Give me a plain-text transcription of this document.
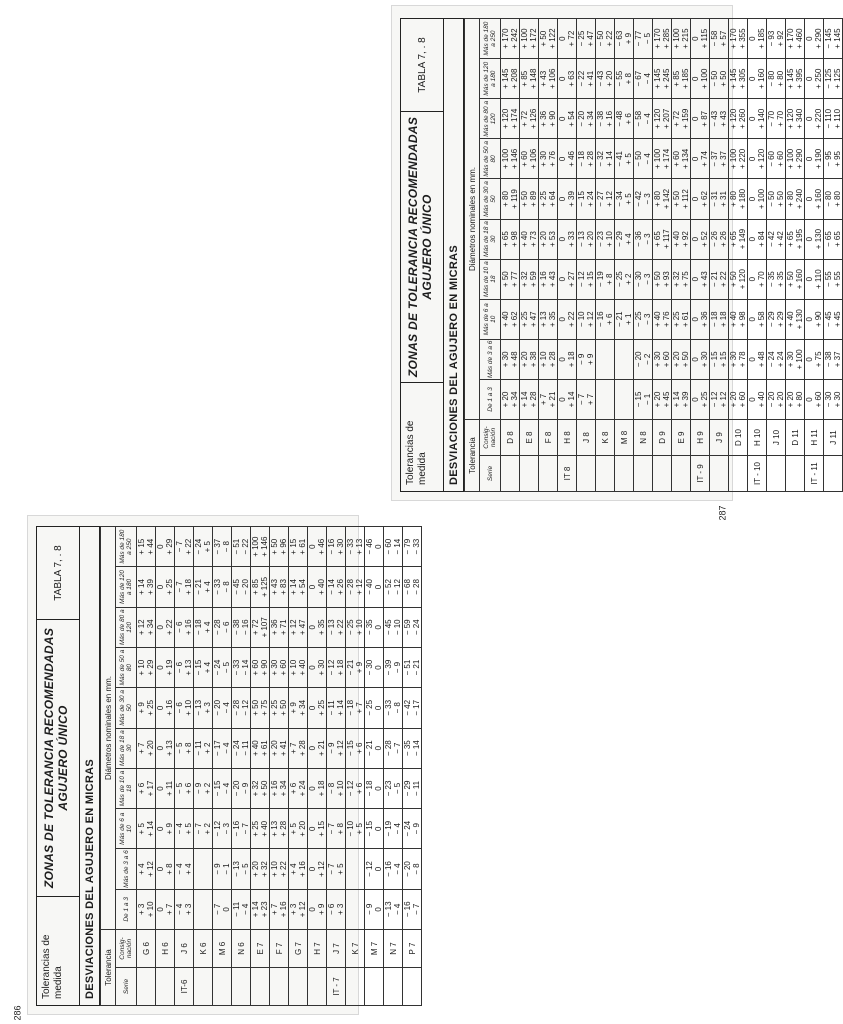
Tolerancias de medida
ZONAS DE TOLERANCIA RECOMENDADAS AGUJERO ÚNICO
TABLA 7, . 8
DESVIACIONES DEL AGUJERO EN MICRAS	Tolerancia		Diámetros nominales en mm.									
Serie	Consig-nación	De 1 a 3	Más de 3 a 6	Más de 6 a 10	Más de 10 a 18	Más de 18 a 30	Más de 30 a 50	Más de 50 a 80	Más de 80 a 120	Más de 120 a 180	Más de 180 a 250
	G 6	+ 3 + 10	+ 4 + 12	+ 5 + 14	+ 6 + 17	+ 7 + 20	+ 9 + 25	+ 10 + 29	+ 12 + 34	+ 14 + 39	+ 15 + 44

	H 6	0 + 7	0 + 8	0 + 9	0 + 11	0 + 13	0 + 16	0 + 19	0 + 22	0 + 25	0 + 29

IT-6	J 6	− 4 + 3	− 4 + 4	− 4 + 5	− 5 + 6	− 5 + 8	− 6 + 10	− 6 + 13	− 6 + 16	− 7 + 18	− 7 + 22

	K 6			− 7 + 2	− 9 + 2	− 11 + 2	− 13 + 3	− 15 + 4	− 18 + 4	− 21 + 4	− 24 + 5

	M 6	− 7 0	− 9 − 1	− 12 − 3	− 15 − 4	− 17 − 4	− 20 − 4	− 24 − 5	− 28 − 6	− 33 − 8	− 37 − 8

	N 6	− 11 − 4	− 13 − 5	− 16 − 7	− 20 − 9	− 24 − 11	− 28 − 12	− 33 − 14	− 38 − 16	− 45 − 20	− 51 − 22

	E 7	+ 14 + 23	+ 20 + 32	+ 25 + 40	+ 32 + 50	+ 40 + 61	+ 50 + 75	+ 60 + 90	+ 72 + 107	+ 85 + 125	+ 100 + 146

	F 7	+ 7 + 16	+ 10 + 22	+ 13 + 28	+ 16 + 34	+ 20 + 41	+ 25 + 50	+ 30 + 60	+ 36 + 71	+ 43 + 83	+ 50 + 96

	G 7	+ 3 + 12	+ 4 + 16	+ 5 + 20	+ 6 + 24	+ 7 + 28	+ 9 + 34	+ 10 + 40	+ 12 + 47	+ 14 + 54	+ 15 + 61

	H 7	0 + 9	0 + 12	0 + 15	0 + 18	0 + 21	0 + 25	0 + 30	0 + 35	0 + 40	0 + 46

IT - 7	J 7	− 6 + 3	− 7 + 5	− 7 + 8	− 8 + 10	− 9 + 12	− 11 + 14	− 12 + 18	− 13 + 22	− 14 + 26	− 16 + 30

	K 7			− 10 + 5	− 12 + 6	− 15 + 6	− 18 + 7	− 21 + 9	− 25 + 10	− 28 + 12	− 33 + 13

	M 7	− 9 0	− 12 0	− 15 0	− 18 0	− 21 0	− 25 0	− 30 0	− 35 0	− 40 0	− 46 0

	N 7	− 13 − 4	− 16 − 4	− 19 − 4	− 23 − 5	− 28 − 7	− 33 − 8	− 39 − 9	− 45 − 10	− 52 − 12	− 60 − 14

	P 7	− 16 − 7	− 20 − 8	− 24 − 9	− 29 − 11	− 35 − 14	− 42 − 17	− 51 − 21	− 59 − 24	− 68 − 28	− 79 − 33
286
Tolerancias de medida
ZONAS DE TOLERANCIA RECOMENDADAS AGUJERO ÚNICO
TABLA 7, . 8
DESVIACIONES DEL AGUJERO EN MICRAS	Tolerancia		Diámetros nominales en mm.									
Serie	Consig-nación	De 1 a 3	Más de 3 a 6	Más de 6 a 10	Más de 10 a 18	Más de 18 a 30	Más de 30 a 50	Más de 50 a 80	Más de 80 a 120	Más de 120 a 180	Más de 180 a 250
	D 8	+ 20 + 34	+ 30 + 48	+ 40 + 62	+ 50 + 77	+ 65 + 98	+ 80 + 119	+ 100 + 146	+ 120 + 174	+ 145 + 208	+ 170 + 242

	E 8	+ 14 + 28	+ 20 + 38	+ 25 + 47	+ 32 + 59	+ 40 + 73	+ 50 + 89	+ 60 + 106	+ 72 + 126	+ 85 + 148	+ 100 + 172

	F 8	+ 7 + 21	+ 10 + 28	+ 13 + 35	+ 16 + 43	+ 20 + 53	+ 25 + 64	+ 30 + 76	+ 36 + 90	+ 43 + 106	+ 50 + 122

IT 8	H 8	0 + 14	0 + 18	0 + 22	0 + 27	0 + 33	0 + 39	0 + 46	0 + 54	0 + 63	0 + 72

	J 8	− 7 + 7	− 9 + 9	− 10 + 12	− 12 + 15	− 13 + 20	− 15 + 24	− 18 + 28	− 20 + 34	− 22 + 41	− 25 + 47

	K 8			− 16 + 6	− 19 + 8	− 23 + 10	− 27 + 12	− 32 + 14	− 38 + 16	− 43 + 20	− 50 + 22

	M 8			− 21 + 1	− 25 + 2	− 29 + 4	− 34 + 5	− 41 + 5	− 48 + 6	− 55 + 8	− 63 + 9

	N 8	− 15 − 1	− 20 − 2	− 25 − 3	− 30 − 3	− 36 − 3	− 42 − 3	− 50 − 4	− 58 − 4	− 67 − 4	− 77 − 5

	D 9	+ 20 + 45	+ 30 + 60	+ 40 + 76	+ 50 + 93	+ 65 + 117	+ 80 + 142	+ 100 + 174	+ 120 + 207	+ 145 + 245	+ 170 + 285

	E 9	+ 14 + 39	+ 20 + 50	+ 25 + 61	+ 32 + 75	+ 40 + 92	+ 50 + 112	+ 60 + 134	+ 72 + 159	+ 85 + 185	+ 100 + 215

IT - 9	H 9	0 + 25	0 + 30	0 + 36	0 + 43	0 + 52	0 + 62	0 + 74	0 + 87	0 + 100	0 + 115

	J 9	− 12 + 12	− 15 + 15	− 18 + 18	− 21 + 22	− 26 + 26	− 31 + 31	− 37 + 37	− 43 + 43	− 50 + 50	− 58 + 57

	D 10	+ 20 + 60	+ 30 + 78	+ 40 + 98	+ 50 + 120	+ 65 + 149	+ 80 + 180	+ 100 + 220	+ 120 + 260	+ 145 + 305	+ 170 + 355

IT - 10	H 10	0 + 40	0 + 48	0 + 58	0 + 70	0 + 84	0 + 100	0 + 120	0 + 140	0 + 160	0 + 185

	J 10	− 20 + 20	− 24 + 24	− 29 + 29	− 35 + 35	− 42 + 42	− 50 + 50	− 60 + 60	− 70 + 70	− 80 + 80	− 93 + 92

	D 11	+ 20 + 80	+ 30 + 100	+ 40 + 130	+ 50 + 160	+ 65 + 195	+ 80 + 240	+ 100 + 290	+ 120 + 340	+ 145 + 395	+ 170 + 460

IT - 11	H 11	0 + 60	0 + 75	0 + 90	0 + 110	0 + 130	0 + 160	0 + 190	0 + 220	0 + 250	0 + 290

	J 11	− 30 + 30	− 38 + 37	− 45 + 45	− 55 + 55	− 65 + 65	− 80 + 80	− 95 + 95	− 110 + 110	− 125 + 125	− 145 + 145
287
